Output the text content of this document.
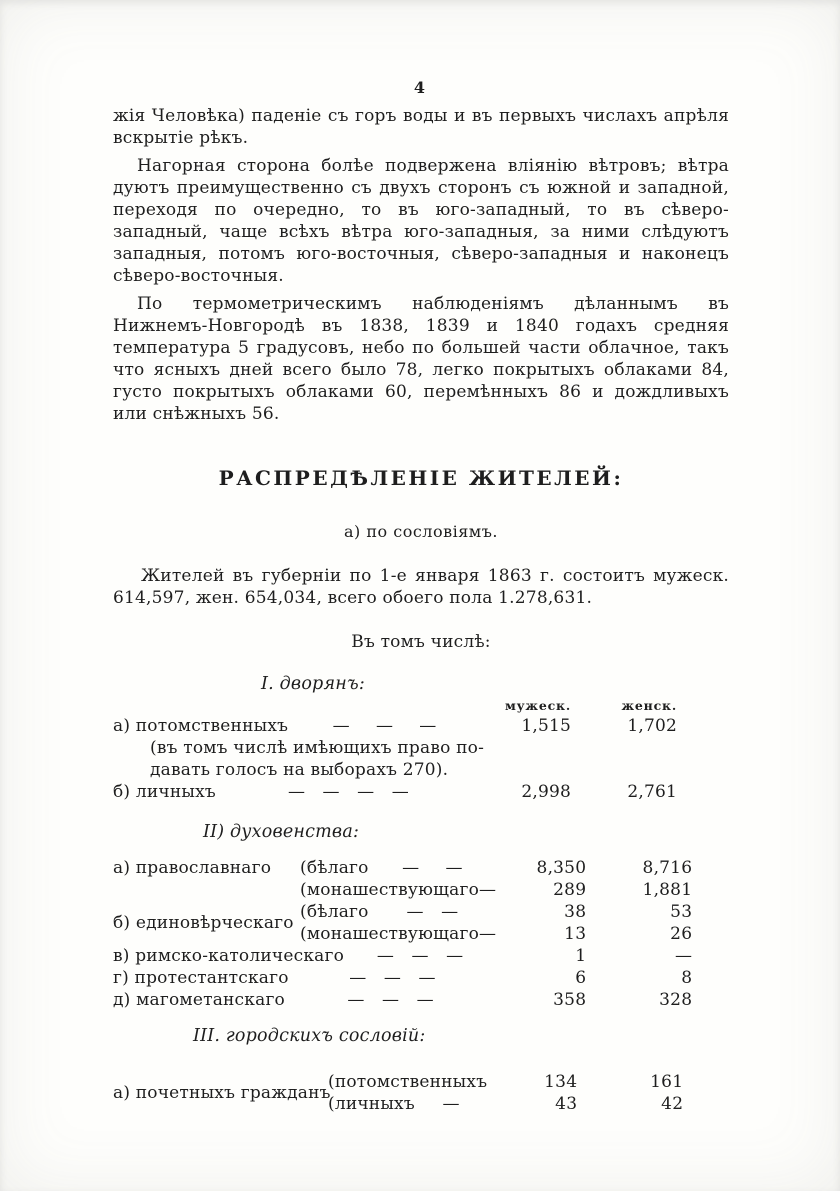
4

жія Человѣка) паденіе съ горъ воды и въ первыхъ числахъ апрѣля вскрытіе рѣкъ.

Нагорная сторона болѣе подвержена вліянію вѣтровъ; вѣтра дуютъ преимущественно съ двухъ сторонъ съ южной и западной, переходя по очередно, то въ юго-западный, то въ сѣверо-западный, чаще всѣхъ вѣтра юго-западныя, за ними слѣдуютъ западныя, потомъ юго-восточныя, сѣверо-западныя и наконецъ сѣверо-восточныя.

По термометрическимъ наблюденіямъ дѣланнымъ въ Нижнемъ-Новгородѣ въ 1838, 1839 и 1840 годахъ средняя температура 5 градусовъ, небо по большей части облачное, такъ что ясныхъ дней всего было 78, легко покрытыхъ облаками 84, густо покрытыхъ облаками 60, перемѣнныхъ 86 и дождливыхъ или снѣжныхъ 56.

РАСПРЕДѢЛЕНІЕ ЖИТЕЛЕЙ:
а) по сословіямъ.

Жителей въ губерніи по 1-е января 1863 г. состоитъ мужеск. 614,597, жен. 654,034, всего обоего пола 1.278,631.

Въ томъ числѣ:
I. дворянъ:
мужеск.	женск.
а) потомственныхъ	—   —   —	1,515	1,702
(въ томъ числѣ имѣющихъ право по-
давать голосъ на выборахъ 270).
б) личныхъ	—  —  —  —	2,998	2,761
II) духовенства:
а) православнаго	(бѣлаго	—   —	8,350	8,716
(монашествующаго —	289	1,881
б) единовѣрческаго
(бѣлаго	—  —	38	53
(монашествующаго —	13	26
в) римско-католическаго	—  —  —	1	—
г) протестантскаго	—  —  —	6	8
д) магометанскаго	—  —  —	358	328
III. городскихъ сословій:
а) почетныхъ гражданъ
(потомственныхъ	134	161
(личныхъ	—	43	42
